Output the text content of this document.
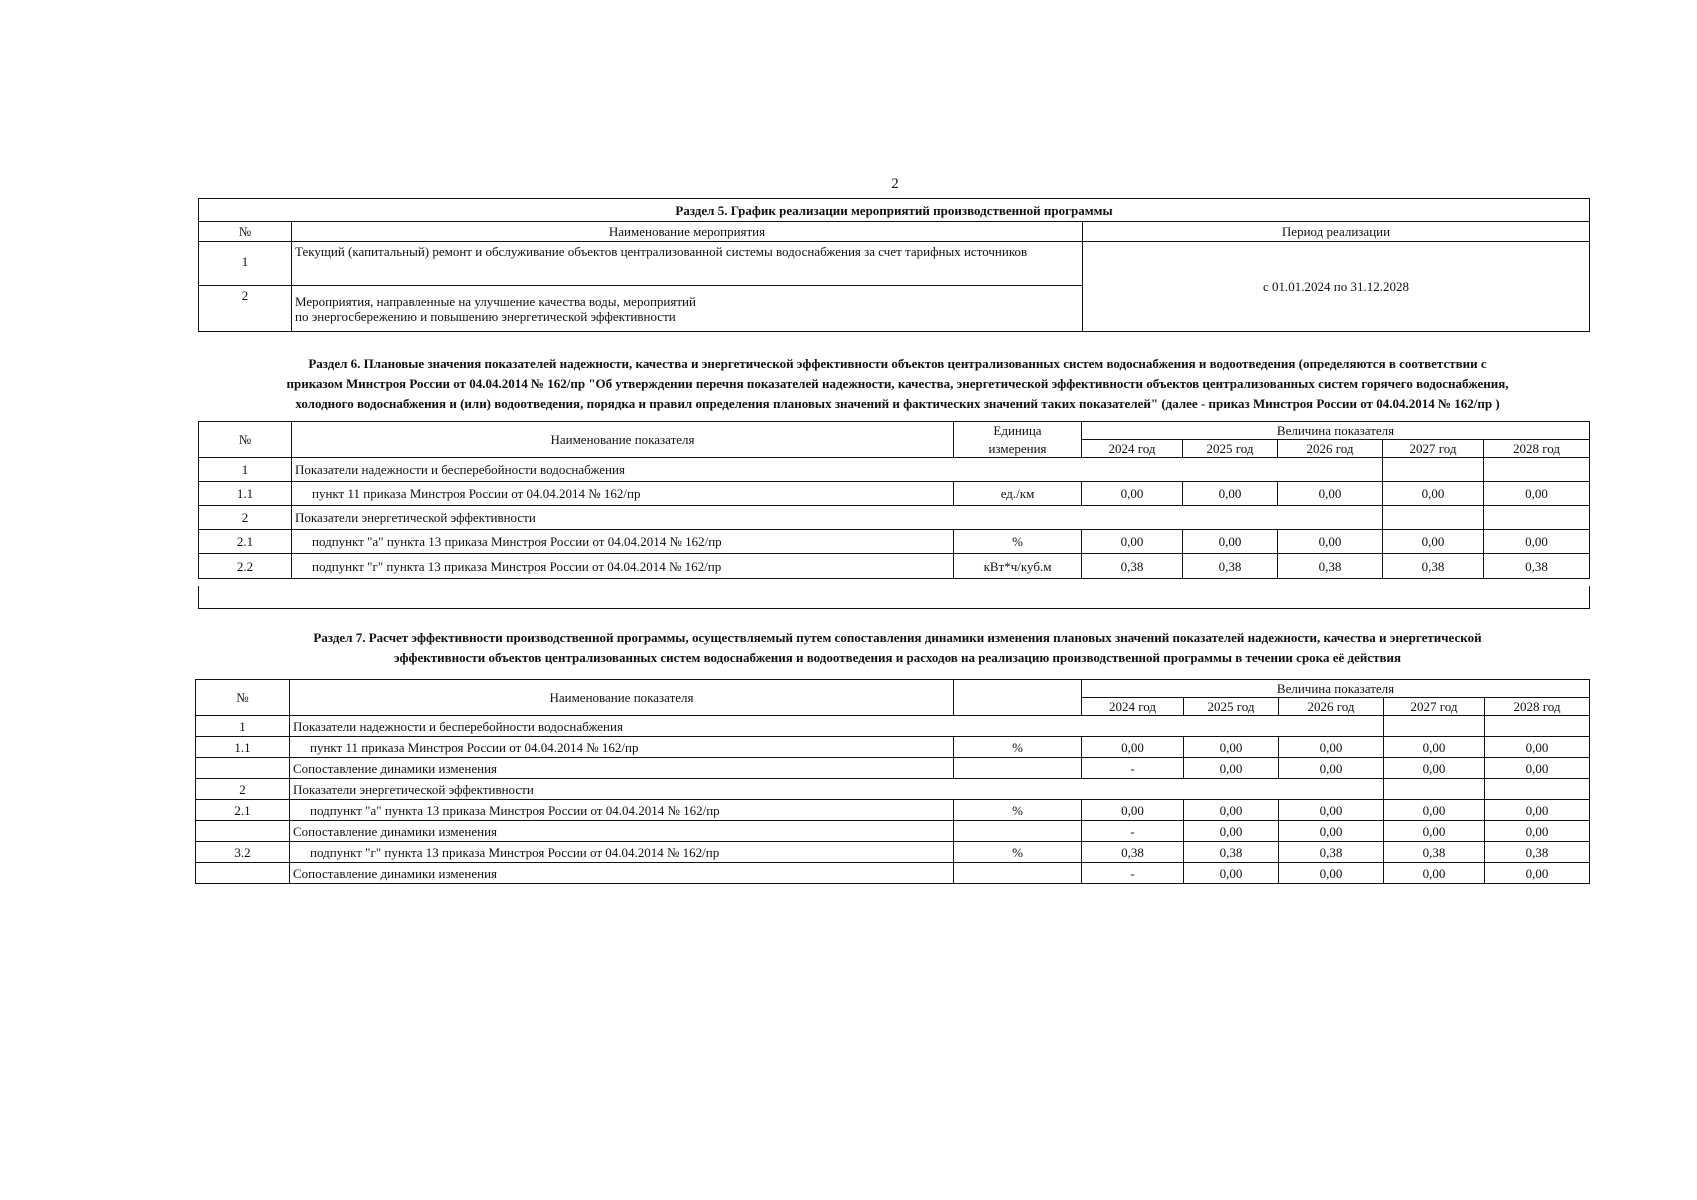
2
Раздел 5. График реализации мероприятий производственной программы		
№	Наименование мероприятия	Период реализации
1	Текущий (капитальный) ремонт и обслуживание объектов централизованной системы водоснабжения за счет тарифных источников	с 01.01.2024 по 31.12.2028
2	Мероприятия, направленные на улучшение качества воды, мероприятий
по энергосбережению и повышению энергетической эффективности	
Раздел 6. Плановые значения показателей надежности, качества и энергетической эффективности объектов централизованных систем водоснабжения и водоотведения (определяются в соответствии с
приказом Минстроя России от 04.04.2014 № 162/пр "Об утверждении перечня показателей надежности, качества, энергетической эффективности объектов централизованных систем горячего водоснабжения,
холодного водоснабжения и (или) водоотведения, порядка и правил определения плановых значений и фактических значений таких показателей" (далее - приказ Минстроя России от 04.04.2014 № 162/пр )
№	Наименование показателя	Единица	Величина показателя				
		измерения	2024 год	2025 год	2026 год	2027 год	2028 год
1	Показатели надежности и бесперебойности водоснабжения						
1.1	пункт 11 приказа Минстроя России от 04.04.2014 № 162/пр	ед./км	0,00	0,00	0,00	0,00	0,00
2	Показатели энергетической эффективности						
2.1	подпункт "а" пункта 13 приказа Минстроя России от 04.04.2014 № 162/пр	%	0,00	0,00	0,00	0,00	0,00
2.2	подпункт "г" пункта 13 приказа Минстроя России от 04.04.2014 № 162/пр	кВт*ч/куб.м	0,38	0,38	0,38	0,38	0,38
Раздел 7. Расчет эффективности производственной программы, осуществляемый путем сопоставления динамики изменения плановых значений показателей надежности, качества и энергетической
эффективности объектов централизованных систем водоснабжения и водоотведения и расходов на реализацию производственной программы в течении срока её действия
№	Наименование показателя		Величина показателя				
			2024 год	2025 год	2026 год	2027 год	2028 год
1	Показатели надежности и бесперебойности водоснабжения						
1.1	пункт 11 приказа Минстроя России от 04.04.2014 № 162/пр	%	0,00	0,00	0,00	0,00	0,00
	Сопоставление динамики изменения		-	0,00	0,00	0,00	0,00
2	Показатели энергетической эффективности						
2.1	подпункт "а" пункта 13 приказа Минстроя России от 04.04.2014 № 162/пр	%	0,00	0,00	0,00	0,00	0,00
	Сопоставление динамики изменения		-	0,00	0,00	0,00	0,00
3.2	подпункт "г" пункта 13 приказа Минстроя России от 04.04.2014 № 162/пр	%	0,38	0,38	0,38	0,38	0,38
	Сопоставление динамики изменения		-	0,00	0,00	0,00	0,00
